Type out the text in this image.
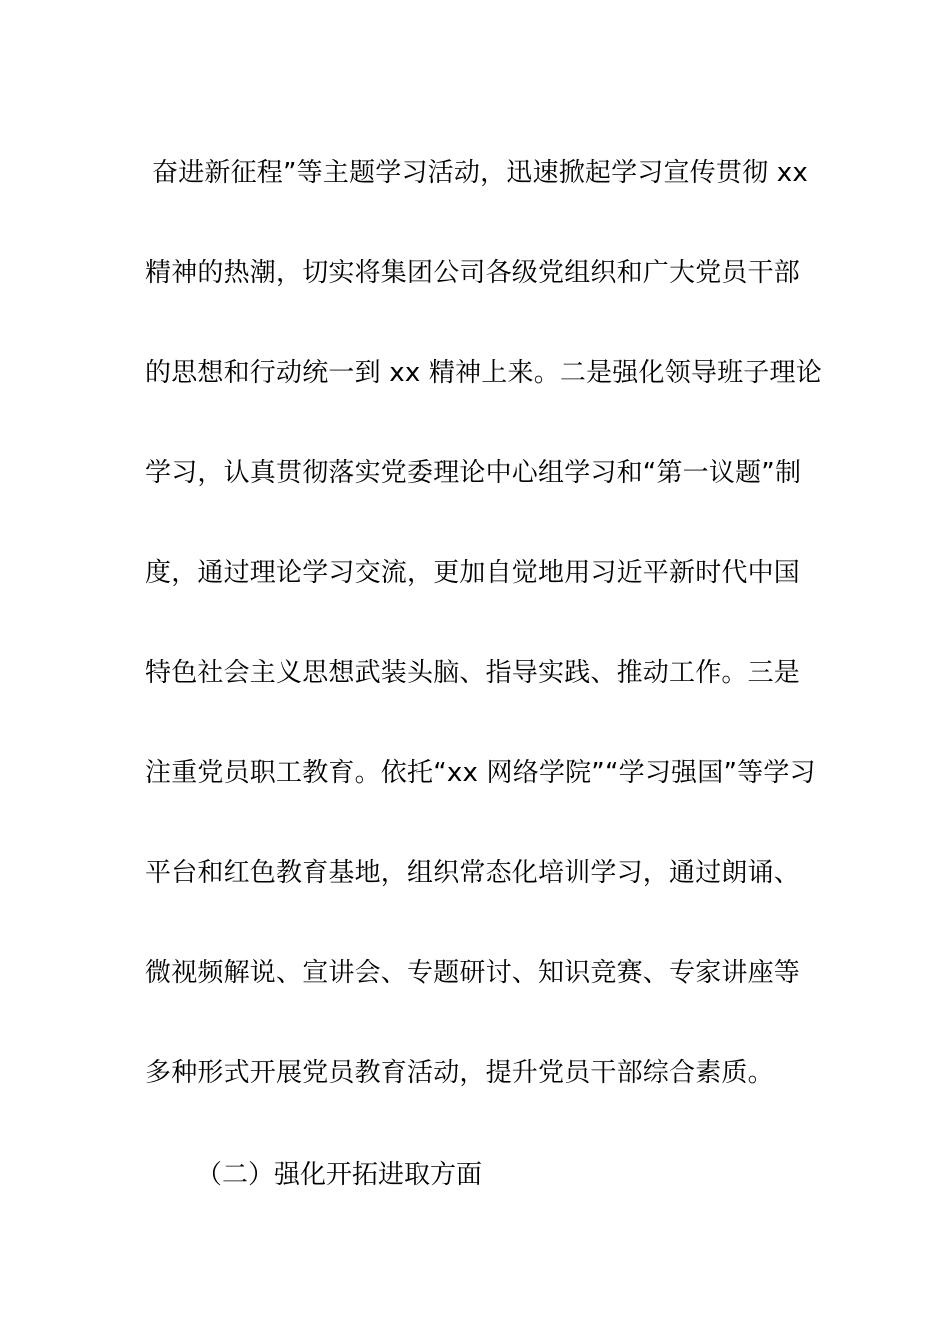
奋进新征程”等主题学习活动，迅速掀起学习宣传贯彻 xx
精神的热潮，切实将集团公司各级党组织和广大党员干部
的思想和行动统一到 xx 精神上来。二是强化领导班子理论
学习，认真贯彻落实党委理论中心组学习和“第一议题”制
度，通过理论学习交流，更加自觉地用习近平新时代中国
特色社会主义思想武装头脑、指导实践、推动工作。三是
注重党员职工教育。依托“xx 网络学院”“学习强国”等学习
平台和红色教育基地，组织常态化培训学习，通过朗诵、
微视频解说、宣讲会、专题研讨、知识竞赛、专家讲座等
多种形式开展党员教育活动，提升党员干部综合素质。
（二）强化开拓进取方面
